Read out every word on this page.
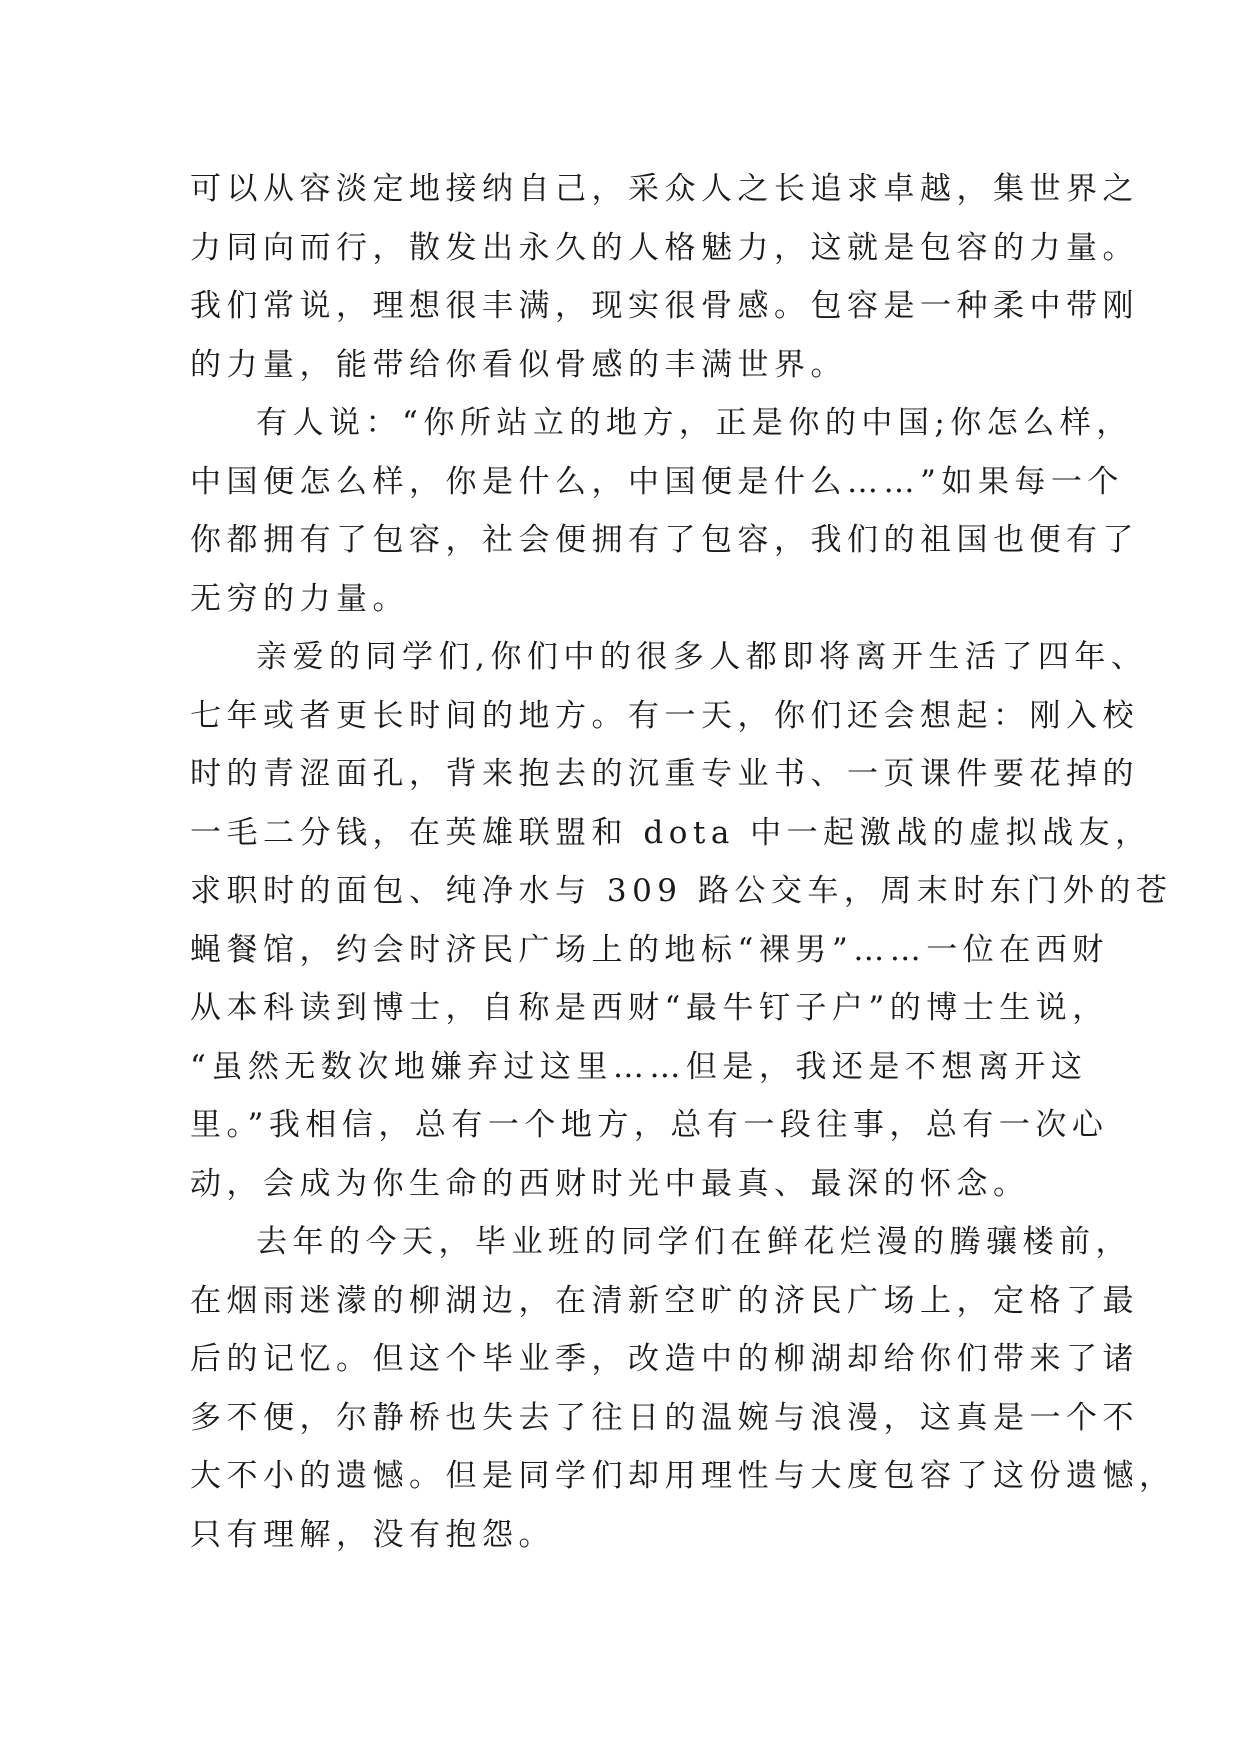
可以从容淡定地接纳自己，采众人之长追求卓越，集世界之
力同向而行，散发出永久的人格魅力，这就是包容的力量。
我们常说，理想很丰满，现实很骨感。包容是一种柔中带刚
的力量，能带给你看似骨感的丰满世界。
有人说：“你所站立的地方，正是你的中国;你怎么样，
中国便怎么样，你是什么，中国便是什么……”如果每一个
你都拥有了包容，社会便拥有了包容，我们的祖国也便有了
无穷的力量。
亲爱的同学们,你们中的很多人都即将离开生活了四年、
七年或者更长时间的地方。有一天，你们还会想起：刚入校
时的青涩面孔，背来抱去的沉重专业书、一页课件要花掉的
一毛二分钱，在英雄联盟和 dota 中一起激战的虚拟战友，
求职时的面包、纯净水与 309 路公交车，周末时东门外的苍
蝇餐馆，约会时济民广场上的地标“裸男”……一位在西财
从本科读到博士，自称是西财“最牛钉子户”的博士生说，
“虽然无数次地嫌弃过这里……但是，我还是不想离开这
里。”我相信，总有一个地方，总有一段往事，总有一次心
动，会成为你生命的西财时光中最真、最深的怀念。
去年的今天，毕业班的同学们在鲜花烂漫的腾骧楼前，
在烟雨迷濛的柳湖边，在清新空旷的济民广场上，定格了最
后的记忆。但这个毕业季，改造中的柳湖却给你们带来了诸
多不便，尔静桥也失去了往日的温婉与浪漫，这真是一个不
大不小的遗憾。但是同学们却用理性与大度包容了这份遗憾，
只有理解，没有抱怨。
